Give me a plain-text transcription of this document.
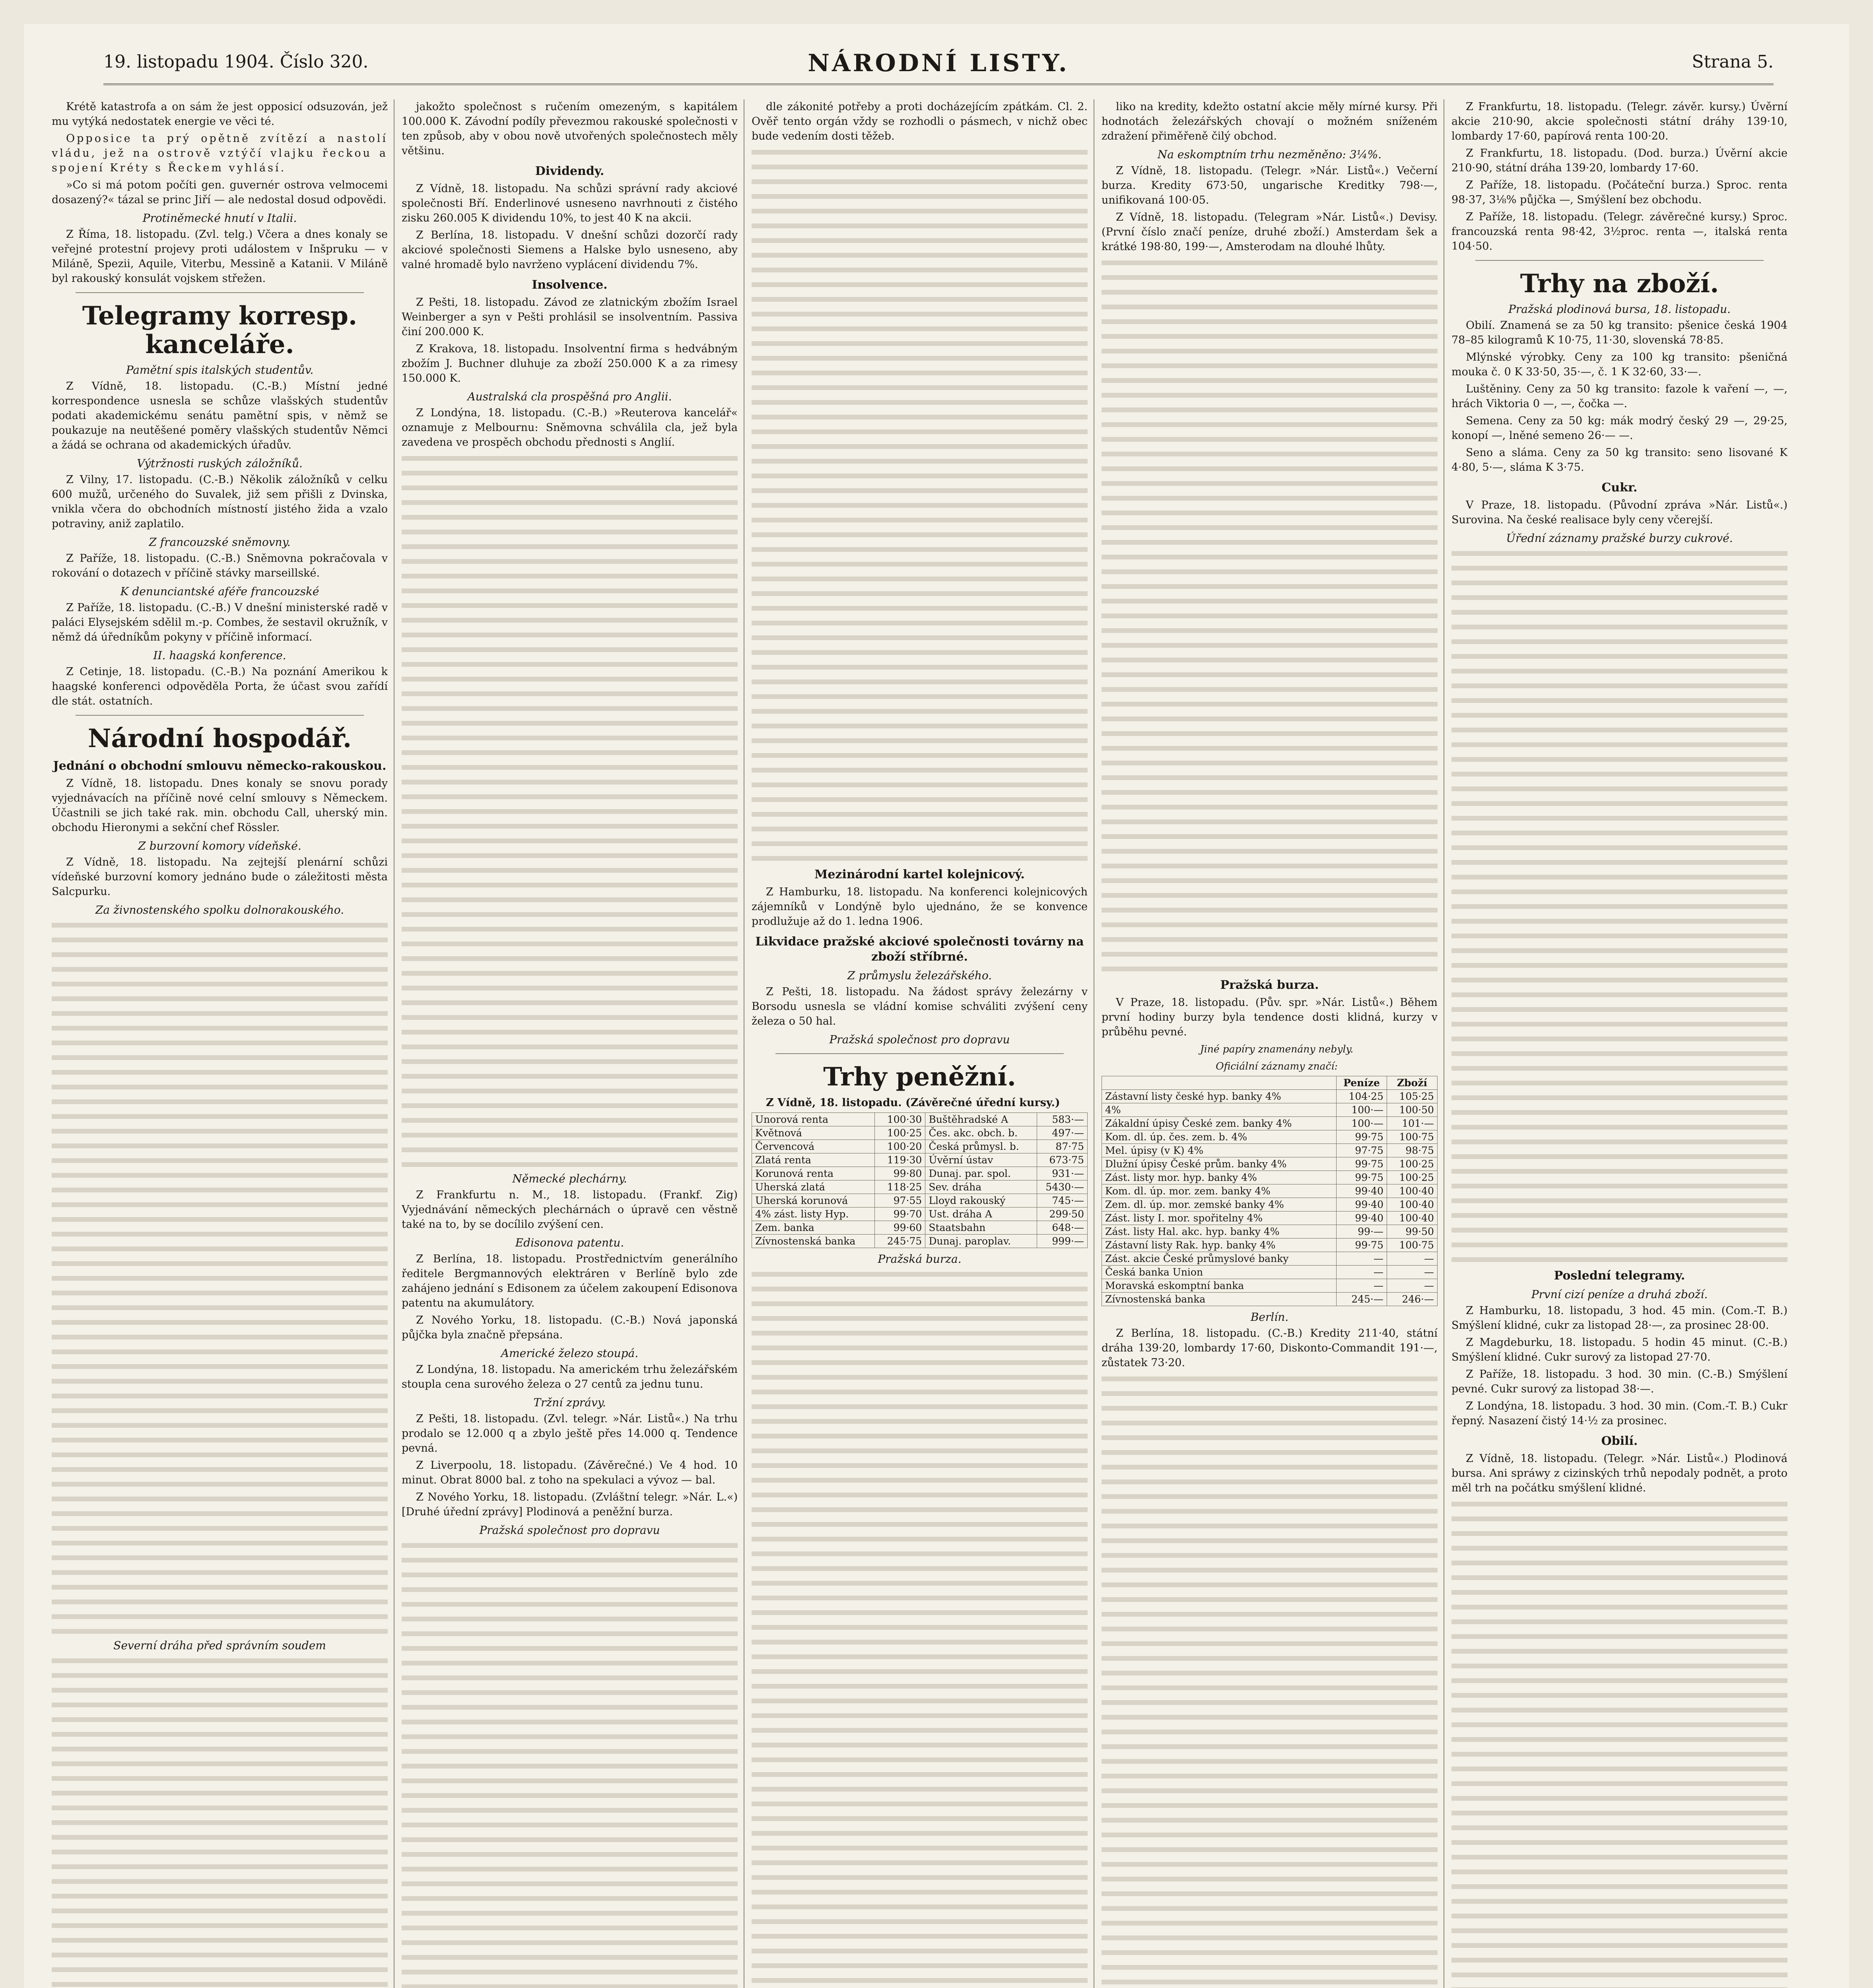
19. listopadu 1904. Číslo 320.	NÁRODNÍ LISTY.	Strana 5.

Krétě katastrofa a on sám že jest opposicí odsuzován, jež mu vytýká nedostatek energie ve věci té.

Opposice ta prý opětně zvítězí a nastolí vládu, jež na ostrově vztýčí vlajku řeckou a spojení Kréty s Řeckem vyhlásí.

»Co si má potom počíti gen. guvernér ostrova velmocemi dosazený?« tázal se princ Jiří — ale nedostal dosud odpovědi.

Protiněmecké hnutí v Italii.

Z Říma, 18. listopadu. (Zvl. telg.) Včera a dnes konaly se veřejné protestní projevy proti událostem v Inšpruku — v Miláně, Spezii, Aquile, Viterbu, Messině a Katanii. V Miláně byl rakouský konsulát vojskem střežen.

Telegramy korresp. kanceláře.
Pamětní spis italských studentův.

Z Vídně, 18. listopadu. (C.-B.) Místní jedné korrespondence usnesla se schůze vlašských studentův podati akademickému senátu pamětní spis, v němž se poukazuje na neutěšené poměry vlašských studentův Němci a žádá se ochrana od akademických úřadův.

Výtržnosti ruských záložníků.

Z Vilny, 17. listopadu. (C.-B.) Několik záložníků v celku 600 mužů, určeného do Suvalek, již sem přišli z Dvinska, vnikla včera do obchodních místností jistého žida a vzalo potraviny, aniž zaplatilo.

Z francouzské sněmovny.

Z Paříže, 18. listopadu. (C.-B.) Sněmovna pokračovala v rokování o dotazech v příčině stávky marseillské.

K denunciantské aféře francouzské

Z Paříže, 18. listopadu. (C.-B.) V dnešní ministerské radě v paláci Elysejském sdělil m.-p. Combes, že sestavil okružník, v němž dá úředníkům pokyny v příčině informací.

II. haagská konference.

Z Cetinje, 18. listopadu. (C.-B.) Na poznání Amerikou k haagské konferenci odpověděla Porta, že účast svou zařídí dle stát. ostatních.

Národní hospodář.
Jednání o obchodní smlouvu německo-rakouskou.

Z Vídně, 18. listopadu. Dnes konaly se snovu porady vyjednávacích na příčině nové celní smlouvy s Německem. Účastnili se jich také rak. min. obchodu Call, uherský min. obchodu Hieronymi a sekční chef Rössler.

Z burzovní komory vídeňské.

Z Vídně, 18. listopadu. Na zejtejší plenární schůzi vídeňské burzovní komory jednáno bude o záležitosti města Salcpurku.

Za živnostenského spolku dolnorakouského.
Severní dráha před správním soudem

jakožto společnost s ručením omezeným, s kapitálem 100.000 K. Závodní podíly převezmou rakouské společnosti v ten způsob, aby v obou nově utvořených společnostech měly většinu.

Dividendy.

Z Vídně, 18. listopadu. Na schůzi správní rady akciové společnosti Bří. Enderlinové usneseno navrhnouti z čistého zisku 260.005 K dividendu 10%, to jest 40 K na akcii.

Z Berlína, 18. listopadu. V dnešní schůzi dozorčí rady akciové společnosti Siemens a Halske bylo usneseno, aby valné hromadě bylo navrženo vyplácení dividendu 7%.

Insolvence.

Z Pešti, 18. listopadu. Závod ze zlatnickým zbožím Israel Weinberger a syn v Pešti prohlásil se insolventním. Passiva činí 200.000 K.

Z Krakova, 18. listopadu. Insolventní firma s hedvábným zbožím J. Buchner dluhuje za zboží 250.000 K a za rimesy 150.000 K.

Australská cla prospěšná pro Anglii.

Z Londýna, 18. listopadu. (C.-B.) »Reuterova kancelář« oznamuje z Melbournu: Sněmovna schválila cla, jež byla zavedena ve prospěch obchodu přednosti s Anglií.

Německé plechárny.

Z Frankfurtu n. M., 18. listopadu. (Frankf. Zig) Vyjednávání německých plechárnách o úpravě cen věstně také na to, by se docílilo zvýšení cen.

Edisonova patentu.

Z Berlína, 18. listopadu. Prostřednictvím generálního ředitele Bergmannových elektráren v Berlíně bylo zde zahájeno jednání s Edisonem za účelem zakoupení Edisonova patentu na akumulátory.

Z Nového Yorku, 18. listopadu. (C.-B.) Nová japonská půjčka byla značně přepsána.

Americké železo stoupá.

Z Londýna, 18. listopadu. Na americkém trhu železářském stoupla cena surového železa o 27 centů za jednu tunu.

Tržní zprávy.

Z Pešti, 18. listopadu. (Zvl. telegr. »Nár. Listů«.) Na trhu prodalo se 12.000 q a zbylo ještě přes 14.000 q. Tendence pevná.

Z Liverpoolu, 18. listopadu. (Závěrečné.) Ve 4 hod. 10 minut. Obrat 8000 bal. z toho na spekulaci a vývoz — bal.

Z Nového Yorku, 18. listopadu. (Zvláštní telegr. »Nár. L.«) [Druhé úřední zprávy] Plodinová a peněžní burza.

Pražská společnost pro dopravu

dle zákonité potřeby a proti docházejícím zpátkám. Cl. 2. Ověř tento orgán vždy se rozhodli o pásmech, v nichž obec bude vedením dosti těžeb.

Mezinárodní kartel kolejnicový.

Z Hamburku, 18. listopadu. Na konferenci kolejnicových zájemníků v Londýně bylo ujednáno, že se konvence prodlužuje až do 1. ledna 1906.

Likvidace pražské akciové společnosti továrny na zboží stříbrné.
Z průmyslu železářského.

Z Pešti, 18. listopadu. Na žádost správy železárny v Borsodu usnesla se vládní komise schváliti zvýšení ceny železa o 50 hal.

Pražská společnost pro dopravu
Trhy peněžní.

Z Vídně, 18. listopadu. (Závěrečné úřední kursy.)

Unorová renta	100·30	Buštěhradské A	583·—
Květnová	100·25	Čes. akc. obch. b.	497·—
Červencová	100·20	Česká průmysl. b.	87·75
Zlatá renta	119·30	Úvěrní ústav	673·75
Korunová renta	99·80	Dunaj. par. spol.	931·—
Uherská zlatá	118·25	Sev. dráha	5430·—
Uherská korunová	97·55	Lloyd rakouský	745·—
4% zást. listy Hyp.	99·70	Ust. dráha A	299·50
Zem. banka	99·60	Staatsbahn	648·—
Zívnostenská banka	245·75	Dunaj. paroplav.	999·—
Pražská burza.

liko na kredity, kdežto ostatní akcie měly mírné kursy. Při hodnotách železářských chovají o možném sníženém zdražení přiměřeně čilý obchod.

Na eskomptním trhu nezměněno: 3¼%.

Z Vídně, 18. listopadu. (Telegr. »Nár. Listů«.) Večerní burza. Kredity 673·50, ungarische Kreditky 798·—, unifikovaná 100·05.

Z Vídně, 18. listopadu. (Telegram »Nár. Listů«.) Devisy. (První číslo značí peníze, druhé zboží.) Amsterdam šek a krátké 198·80, 199·—, Amsterodam na dlouhé lhůty.

Pražská burza.

V Praze, 18. listopadu. (Pův. spr. »Nár. Listů«.) Během první hodiny burzy byla tendence dosti klidná, kurzy v průběhu pevné.

Jiné papíry znamenány nebyly.

Oficiální záznamy značí:

	Peníze	Zboží
Zástavní listy české hyp. banky 4%	104·25	105·25
4%	100·—	100·50
Zákaldní úpisy České zem. banky 4%	100·—	101·—
Kom. dl. úp. čes. zem. b. 4%	99·75	100·75
Mel. úpisy (v K) 4%	97·75	98·75
Dlužní úpisy České prům. banky 4%	99·75	100·25
Zást. listy mor. hyp. banky 4%	99·75	100·25
Kom. dl. úp. mor. zem. banky 4%	99·40	100·40
Zem. dl. úp. mor. zemské banky 4%	99·40	100·40
Zást. listy I. mor. spořitelny 4%	99·40	100·40
Zást. listy Hal. akc. hyp. banky 4%	99·—	99·50
Zástavní listy Rak. hyp. banky 4%	99·75	100·75
Zást. akcie České průmyslové banky	—	—
Česká banka Union	—	—
Moravská eskomptní banka	—	—
Zívnostenská banka	245·—	246·—
Berlín.

Z Berlína, 18. listopadu. (C.-B.) Kredity 211·40, státní dráha 139·20, lombardy 17·60, Diskonto-Commandit 191·—, zůstatek 73·20.

Z Frankfurtu, 18. listopadu. (Telegr. závěr. kursy.) Úvěrní akcie 210·90, akcie společnosti státní dráhy 139·10, lombardy 17·60, papírová renta 100·20.

Z Frankfurtu, 18. listopadu. (Dod. burza.) Úvěrní akcie 210·90, státní dráha 139·20, lombardy 17·60.

Z Paříže, 18. listopadu. (Počáteční burza.) Sproc. renta 98·37, 3⅛% půjčka —, Smýšlení bez obchodu.

Z Paříže, 18. listopadu. (Telegr. závěrečné kursy.) Sproc. francouzská renta 98·42, 3½proc. renta —, italská renta 104·50.

Trhy na zboží.
Pražská plodinová bursa, 18. listopadu.

Obilí. Znamená se za 50 kg transito: pšenice česká 1904 78–85 kilogramů K 10·75, 11·30, slovenská 78·85.

Mlýnské výrobky. Ceny za 100 kg transito: pšeničná mouka č. 0 K 33·50, 35·—, č. 1 K 32·60, 33·—.

Luštěniny. Ceny za 50 kg transito: fazole k vaření —, —, hrách Viktoria 0 —, —, čočka —.

Semena. Ceny za 50 kg: mák modrý český 29 —, 29·25, konopí —, lněné semeno 26·— —.

Seno a sláma. Ceny za 50 kg transito: seno lisované K 4·80, 5·—, sláma K 3·75.

Cukr.

V Praze, 18. listopadu. (Původní zpráva »Nár. Listů«.) Surovina. Na české realisace byly ceny včerejší.

Úřední záznamy pražské burzy cukrové.
Poslední telegramy.
První cizí peníze a druhá zboží.

Z Hamburku, 18. listopadu, 3 hod. 45 min. (Com.-T. B.) Smýšlení klidné, cukr za listopad 28·—, za prosinec 28·00.

Z Magdeburku, 18. listopadu. 5 hodin 45 minut. (C.-B.) Smýšlení klidné. Cukr surový za listopad 27·70.

Z Paříže, 18. listopadu. 3 hod. 30 min. (C.-B.) Smýšlení pevné. Cukr surový za listopad 38·—.

Z Londýna, 18. listopadu. 3 hod. 30 min. (Com.-T. B.) Cukr řepný. Nasazení čistý 14·½ za prosinec.

Obilí.

Z Vídně, 18. listopadu. (Telegr. »Nár. Listů«.) Plodinová bursa. Ani spráwy z cizinských trhů nepodaly podnět, a proto měl trh na počátku smýšlení klidné.
